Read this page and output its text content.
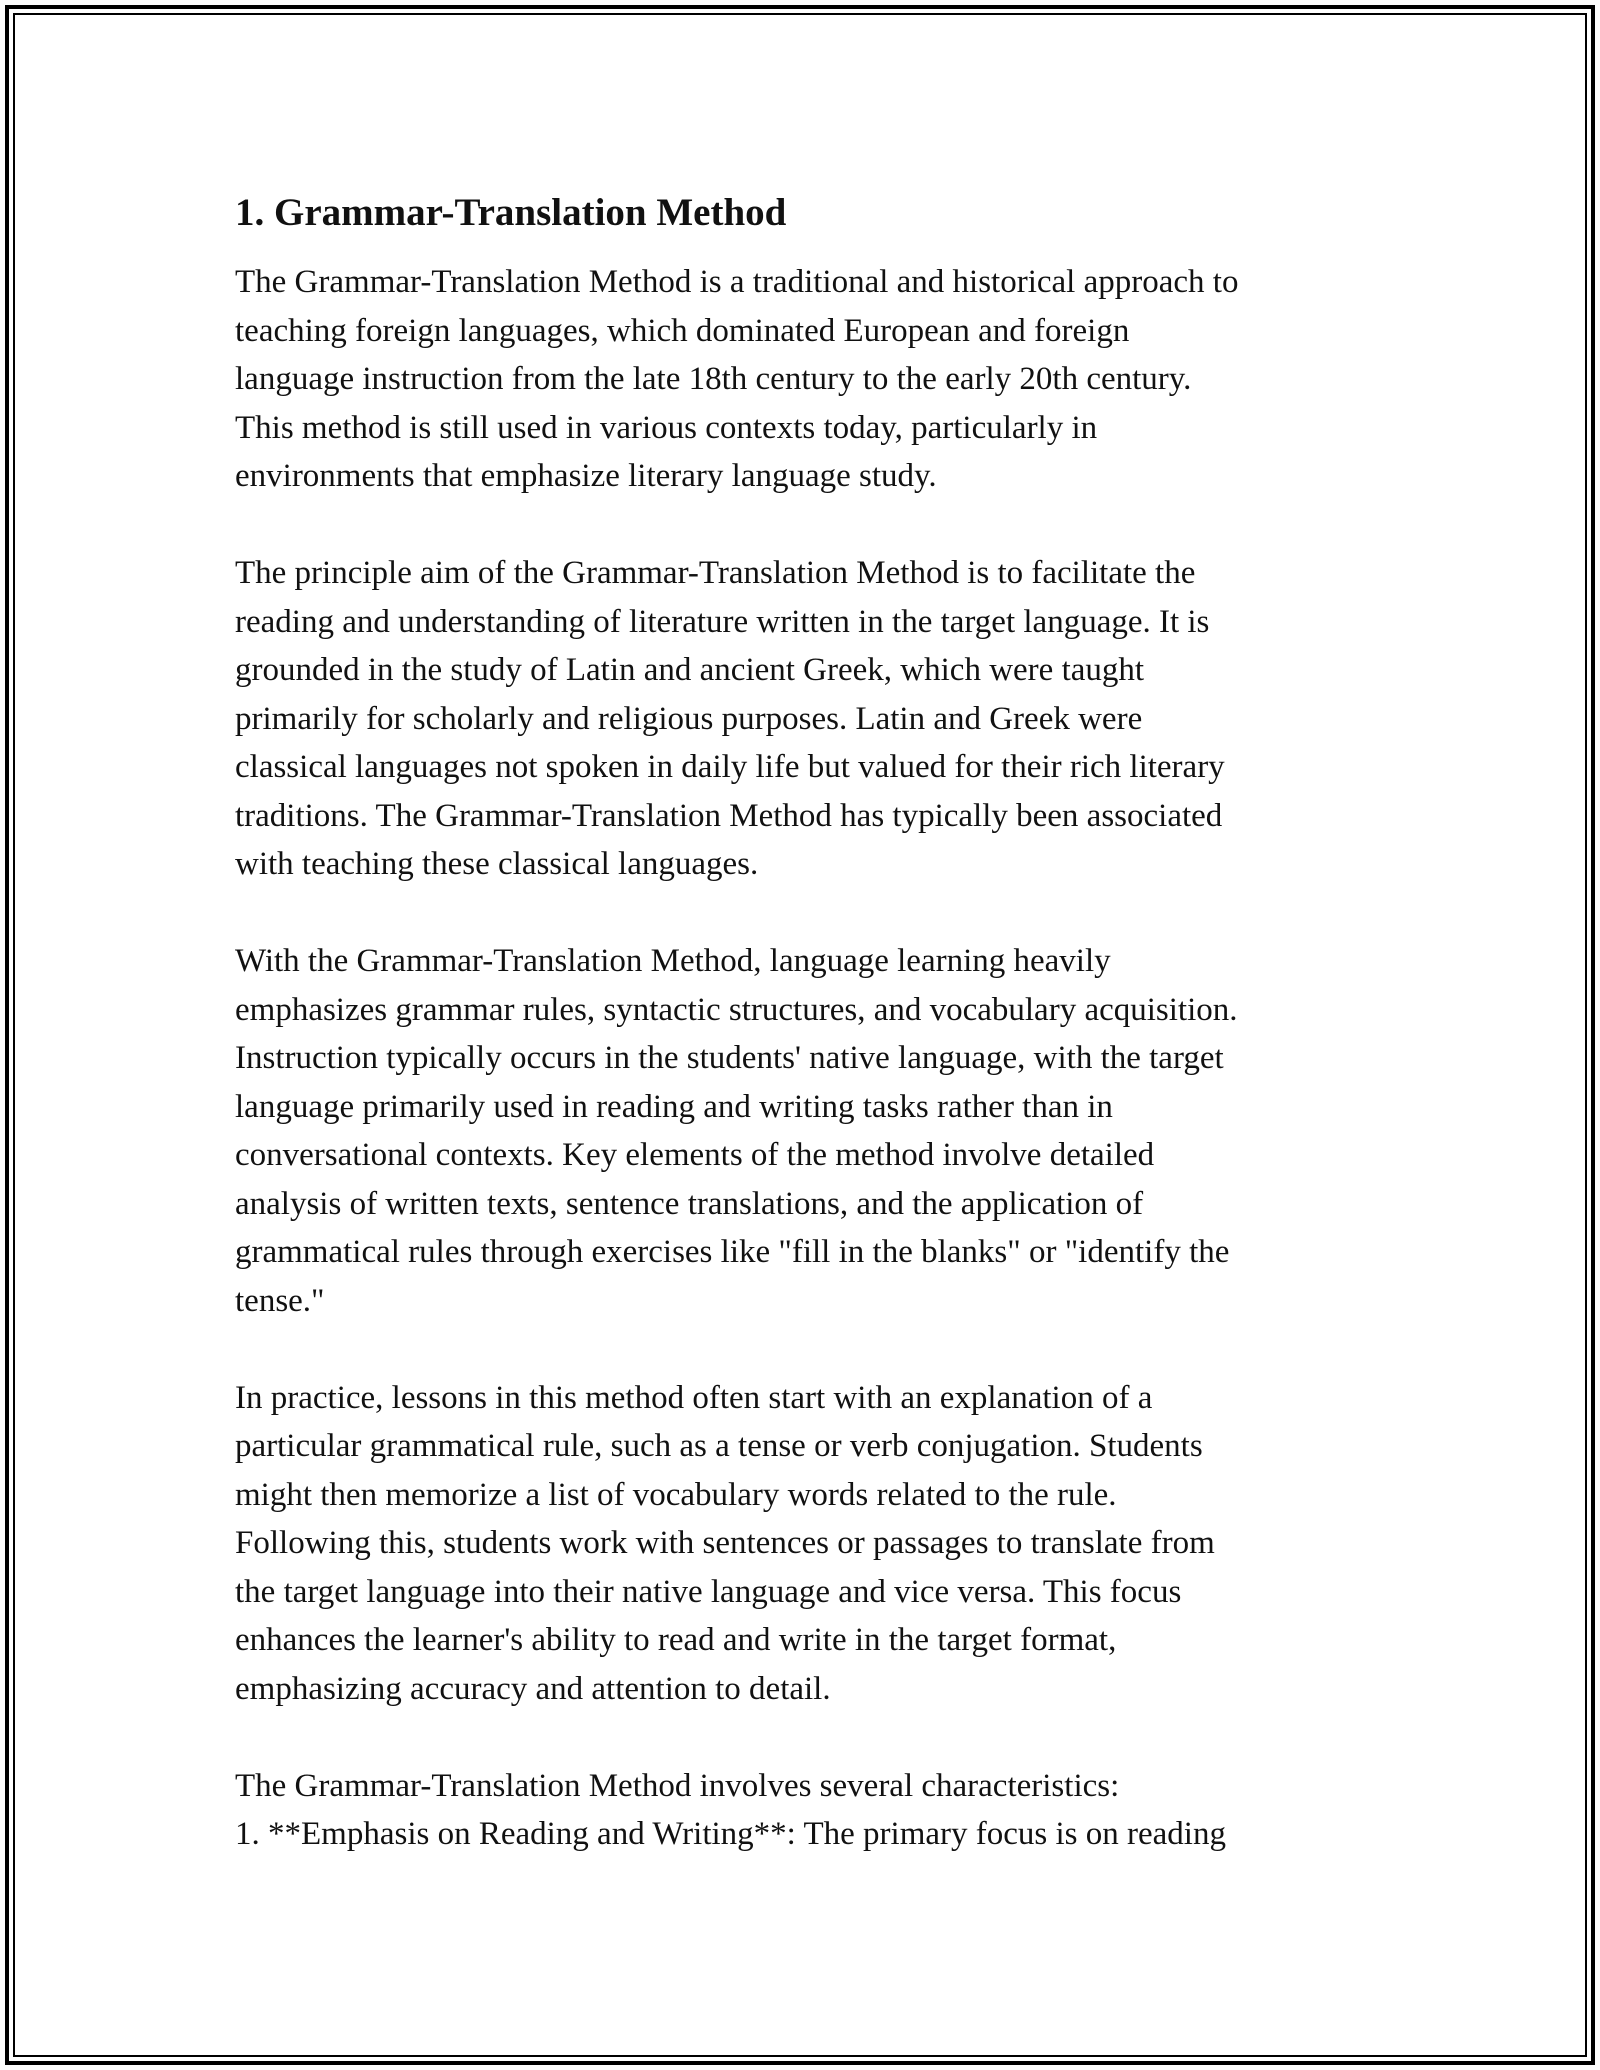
1. Grammar-Translation Method

The Grammar-Translation Method is a traditional and historical approach to
teaching foreign languages, which dominated European and foreign
language instruction from the late 18th century to the early 20th century.
This method is still used in various contexts today, particularly in
environments that emphasize literary language study.

The principle aim of the Grammar-Translation Method is to facilitate the
reading and understanding of literature written in the target language. It is
grounded in the study of Latin and ancient Greek, which were taught
primarily for scholarly and religious purposes. Latin and Greek were
classical languages not spoken in daily life but valued for their rich literary
traditions. The Grammar-Translation Method has typically been associated
with teaching these classical languages.

With the Grammar-Translation Method, language learning heavily
emphasizes grammar rules, syntactic structures, and vocabulary acquisition.
Instruction typically occurs in the students' native language, with the target
language primarily used in reading and writing tasks rather than in
conversational contexts. Key elements of the method involve detailed
analysis of written texts, sentence translations, and the application of
grammatical rules through exercises like "fill in the blanks" or "identify the
tense."

In practice, lessons in this method often start with an explanation of a
particular grammatical rule, such as a tense or verb conjugation. Students
might then memorize a list of vocabulary words related to the rule.
Following this, students work with sentences or passages to translate from
the target language into their native language and vice versa. This focus
enhances the learner's ability to read and write in the target format,
emphasizing accuracy and attention to detail.

The Grammar-Translation Method involves several characteristics:
1. **Emphasis on Reading and Writing**: The primary focus is on reading
